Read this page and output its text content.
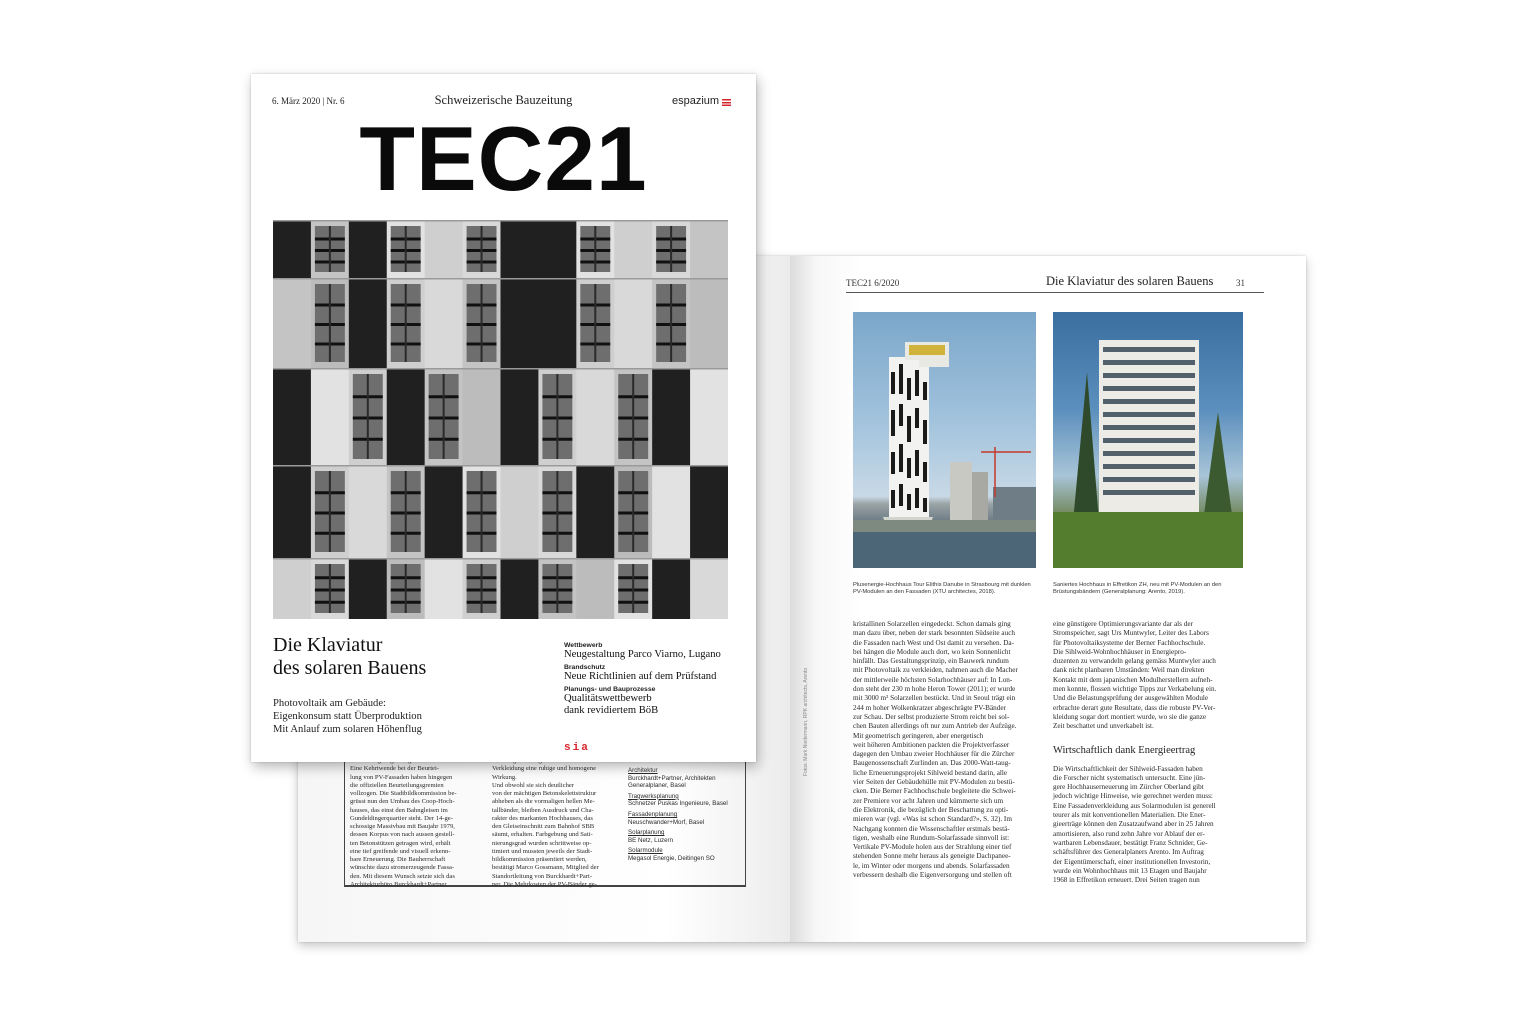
Eine Kehrtwende bei der Beurtei-

lung von PV-Fassaden haben hingegen

die offiziellen Beurteilungsgremien

vollzogen. Die Stadtbildkommission be-

grüsst nun den Umbau des Coop-Hoch-

hauses, das einst den Bahngleisen im

Gundeldingerquartier steht. Der 14-ge-

schossige Massivbau mit Baujahr 1979,

dessen Korpus von nach aussen gestell-

ten Betonstützen getragen wird, erhält

eine tief greifende und visuell erkenn-

bare Erneuerung. Die Bauherrschaft

wünschte dazu stromerzeugende Fassa-

den. Mit diesem Wunsch setzte sich das

Architekturbüro Burckhardt+Partner

Verkleidung eine ruhige und homogene

Wirkung.

Und obwohl sie sich deutlicher

von der mächtigen Betonskelettstruktur

abheben als die vormaligen hellen Me-

tallbänder, bleiben Ausdruck und Cha-

rakter des markanten Hochhauses, das

den Gleiseinschnitt zum Bahnhof SBB

säumt, erhalten. Farbgebung und Sati-

nierungsgrad wurden schrittweise op-

timiert und mussten jeweils der Stadt-

bildkommission präsentiert werden,

bestätigt Marco Gossmann, Mitglied der

Standortleitung von Burckhardt+Part-

ner. Die Mehrkosten der PV-Bänder ge-

Architektur
Burckhardt+Partner, Architekten Generalplaner, Basel
Tragwerksplanung
Schnetzer Puskas Ingenieure, Basel
Fassadenplanung
Neuschwander+Morf, Basel
Solarplanung
BE Netz, Luzern
Solarmodule
Megasol Energie, Deitingen SO
TEC21 6/2020	Die Klaviatur des solaren Bauens	31
Plusenergie-Hochhaus Tour Elithis Danube in Strasbourg mit dunklen PV-Modulen an den Fassaden (XTU architectes, 2018).
Saniertes Hochhaus in Effretikon ZH, neu mit PV-Modulen an den Brüstungsbändern (Generalplanung: Arento, 2019).

kristallinen Solarzellen eingedeckt. Schon damals ging

man dazu über, neben der stark besonnten Südseite auch

die Fassaden nach West und Ost damit zu versehen. Da-

bei hängen die Module auch dort, wo kein Sonnenlicht

hinfällt. Das Gestaltungsprinzip, ein Bauwerk rundum

mit Photovoltaik zu verkleiden, nahmen auch die Macher

der mittlerweile höchsten Solarhochhäuser auf: In Lon-

don steht der 230 m hohe Heron Tower (2011); er wurde

mit 3000 m² Solarzellen bestückt. Und in Seoul trägt ein

244 m hoher Wolkenkratzer abgeschrägte PV-Bänder

zur Schau. Der selbst produzierte Strom reicht bei sol-

chen Bauten allerdings oft nur zum Antrieb der Aufzüge.

Mit geometrisch geringeren, aber energetisch

weit höheren Ambitionen packten die Projektverfasser

dagegen den Umbau zweier Hochhäuser für die Zürcher

Baugenossenschaft Zurlinden an. Das 2000-Watt-taug-

liche Erneuerungsprojekt Sihlweid bestand darin, alle

vier Seiten der Gebäudehülle mit PV-Modulen zu bestü-

cken. Die Berner Fachhochschule begleitete die Schwei-

zer Premiere vor acht Jahren und kümmerte sich um

die Elektronik, die bezüglich der Beschattung zu opti-

mieren war (vgl. «Was ist schon Standard?», S. 32). Im

Nachgang konnten die Wissenschaftler erstmals bestä-

tigen, weshalb eine Rundum-Solarfassade sinnvoll ist:

Vertikale PV-Module holen aus der Strahlung einer tief

stehenden Sonne mehr heraus als geneigte Dachpanee-

le, im Winter oder morgens und abends. Solarfassaden

verbessern deshalb die Eigenversorgung und stellen oft

eine günstigere Optimierungsvariante dar als der

Stromspeicher, sagt Urs Muntwyler, Leiter des Labors

für Photovoltaiksysteme der Berner Fachhochschule.

Die Sihlweid-Wohnhochhäuser in Energiepro-

duzenten zu verwandeln gelang gemäss Muntwyler auch

dank nicht planbaren Umständen: Weil man direkten

Kontakt mit dem japanischen Modulherstellern aufneh-

men konnte, flossen wichtige Tipps zur Verkabelung ein.

Und die Belastungsprüfung der ausgewählten Module

erbrachte derart gute Resultate, dass die robuste PV-Ver-

kleidung sogar dort montiert wurde, wo sie die ganze

Zeit beschattet und unverkabelt ist.

Wirtschaftlich dank Energieertrag

Die Wirtschaftlichkeit der Sihlweid-Fassaden haben

die Forscher nicht systematisch untersucht. Eine jün-

gere Hochhauserneuerung im Zürcher Oberland gibt

jedoch wichtige Hinweise, wie gerechnet werden muss:

Eine Fassadenverkleidung aus Solarmodulen ist generell

teurer als mit konventionellen Materialien. Die Ener-

gieerträge können den Zusatzaufwand aber in 25 Jahren

amortisieren, also rund zehn Jahre vor Ablauf der er-

wartbaren Lebensdauer, bestätigt Franz Schnider, Ge-

schäftsführer des Generalplaners Arento. Im Auftrag

der Eigentümerschaft, einer institutionellen Investorin,

wurde ein Wohnhochhaus mit 13 Etagen und Baujahr

1968 in Effretikon erneuert. Drei Seiten tragen nun

Fotos: Mark Niedermann, RPK architects, Arento
6. März 2020 | Nr. 6	Schweizerische Bauzeitung	espazium
TEC21
Die Klaviatur
des solaren Bauens
Photovoltaik am Gebäude:
Eigenkonsum statt Überproduktion
Mit Anlauf zum solaren Höhenflug
Wettbewerb
Neugestaltung Parco Viarno, Lugano
Brandschutz
Neue Richtlinien auf dem Prüfstand
Planungs- und Bauprozesse
Qualitätswettbewerb
dank revidiertem BöB
sia
